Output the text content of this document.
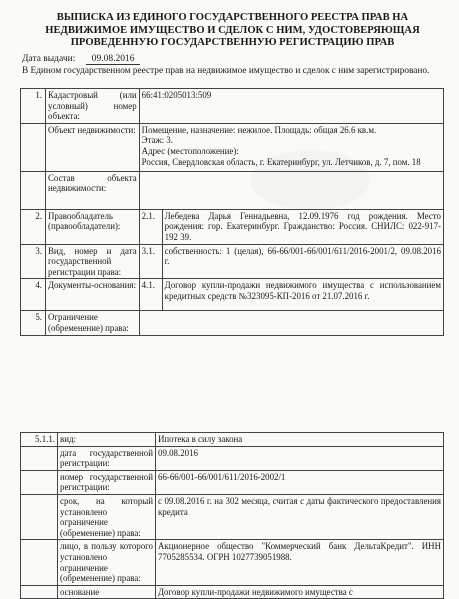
ВЫПИСКА ИЗ ЕДИНОГО ГОСУДАРСТВЕННОГО РЕЕСТРА ПРАВ НА НЕДВИЖИМОЕ ИМУЩЕСТВО И СДЕЛОК С НИМ, УДОСТОВЕРЯЮЩАЯ ПРОВЕДЕННУЮ ГОСУДАРСТВЕННУЮ РЕГИСТРАЦИЮ ПРАВ
Дата выдачи: 09.08.2016
В Едином государственном реестре прав на недвижимое имущество и сделок с ним зарегистрировано.
1.	Кадастровый (или условный) номер объекта:	66:41:0205013:509	
	Объект недвижимости:	Помещение, назначение: нежилое. Площадь: общая 26.6 кв.м.
Этаж: 3.
Адрес (местоположение):
Россия, Свердловская область, г. Екатеринбург, ул. Летчиков, д. 7, пом. 18	

	Состав объекта недвижимости:		
2.	Правообладатель (правообладатели):	2.1.	Лебедева Дарья Геннадьевна, 12.09.1976 год рождения. Место рождения: гор. Екатеринбург. Гражданство: Россия. СНИЛС: 022-917-192 39.
3.	Вид, номер и дата государственной регистрации права:	3.1.	собственность: 1 (целая), 66-66/001-66/001/611/2016-2001/2, 09.08.2016 г.
4.	Документы-основания:	4.1.	Договор купли-продажи недвижимого имущества с использованием кредитных средств №323095-КП-2016 от 21.07.2016 г.
5.	Ограничение (обременение) права:		
5.1.1.	вид:	Ипотека в силу закона
	дата государственной регистрации:	09.08.2016
	номер государственной регистрации:	66-66/001-66/001/611/2016-2002/1
	срок, на который установлено ограничение (обременение) права:	с 09.08.2016 г. на 302 месяца, считая с даты фактического предоставления кредита
	лицо, в пользу которого установлено ограничение (обременение) права:	Акционерное общество "Коммерческий банк ДельтаКредит". ИНН 7705285534. ОГРН 1027739051988.
	основание	Договор купли-продажи недвижимого имущества с
